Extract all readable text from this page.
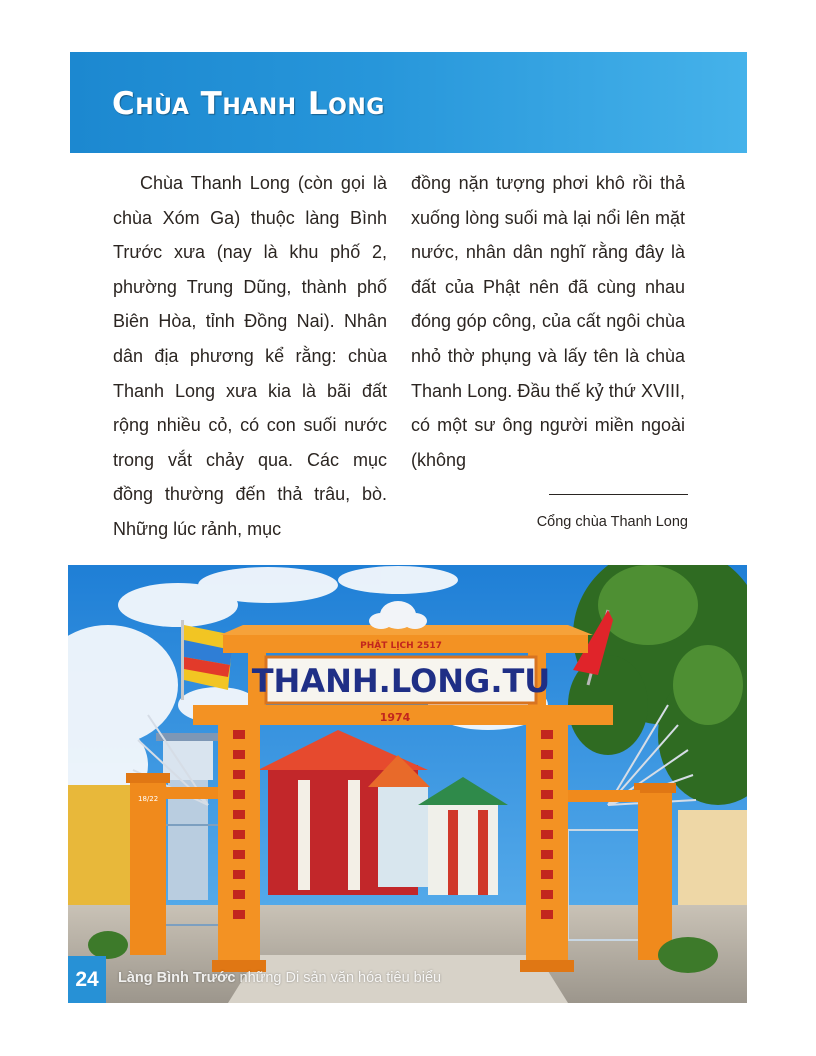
Chùa Thanh Long

Chùa Thanh Long (còn gọi là chùa Xóm Ga) thuộc làng Bình Trước xưa (nay là khu phố 2, phường Trung Dũng, thành phố Biên Hòa, tỉnh Đồng Nai). Nhân dân địa phương kể rằng: chùa Thanh Long xưa kia là bãi đất rộng nhiều cỏ, có con suối nước trong vắt chảy qua. Các mục đồng thường đến thả trâu, bò. Những lúc rảnh, mục

đồng nặn tượng phơi khô rồi thả xuống lòng suối mà lại nổi lên mặt nước, nhân dân nghĩ rằng đây là đất của Phật nên đã cùng nhau đóng góp công, của cất ngôi chùa nhỏ thờ phụng và lấy tên là chùa Thanh Long. Đầu thế kỷ thứ XVIII, có một sư ông người miền ngoài (không

Cổng chùa Thanh Long
THANH.LONG.TU
PHẬT LỊCH 2517
1974
18/22
24	Làng Bình Trước những Di sản văn hóa tiêu biểu
